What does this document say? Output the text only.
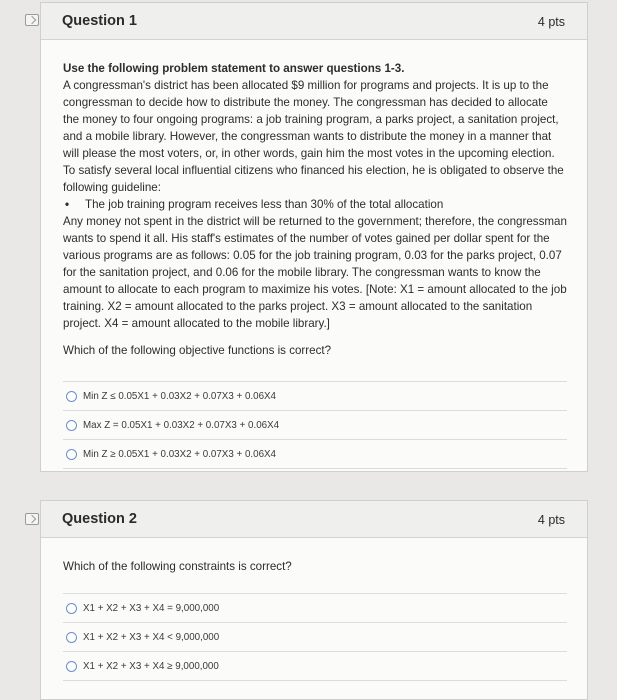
Question 1	4 pts

Use the following problem statement to answer questions 1-3.

A congressman's district has been allocated $9 million for programs and projects. It is up to the congressman to decide how to distribute the money. The congressman has decided to allocate the money to four ongoing programs: a job training program, a parks project, a sanitation project, and a mobile library. However, the congressman wants to distribute the money in a manner that will please the most voters, or, in other words, gain him the most votes in the upcoming election. To satisfy several local influential citizens who financed his election, he is obligated to observe the following guideline:

• The job training program receives less than 30% of the total allocation

Any money not spent in the district will be returned to the government; therefore, the congressman wants to spend it all. His staff's estimates of the number of votes gained per dollar spent for the various programs are as follows: 0.05 for the job training program, 0.03 for the parks project, 0.07 for the sanitation project, and 0.06 for the mobile library. The congressman wants to know the amount to allocate to each program to maximize his votes. [Note: X1 = amount allocated to the job training. X2 = amount allocated to the parks project. X3 = amount allocated to the sanitation project. X4 = amount allocated to the mobile library.]

Which of the following objective functions is correct?

Min Z ≤ 0.05X1 + 0.03X2 + 0.07X3 + 0.06X4
Max Z = 0.05X1 + 0.03X2 + 0.07X3 + 0.06X4
Min Z ≥ 0.05X1 + 0.03X2 + 0.07X3 + 0.06X4
Question 2	4 pts

Which of the following constraints is correct?

X1 + X2 + X3 + X4 = 9,000,000
X1 + X2 + X3 + X4 < 9,000,000
X1 + X2 + X3 + X4 ≥ 9,000,000
